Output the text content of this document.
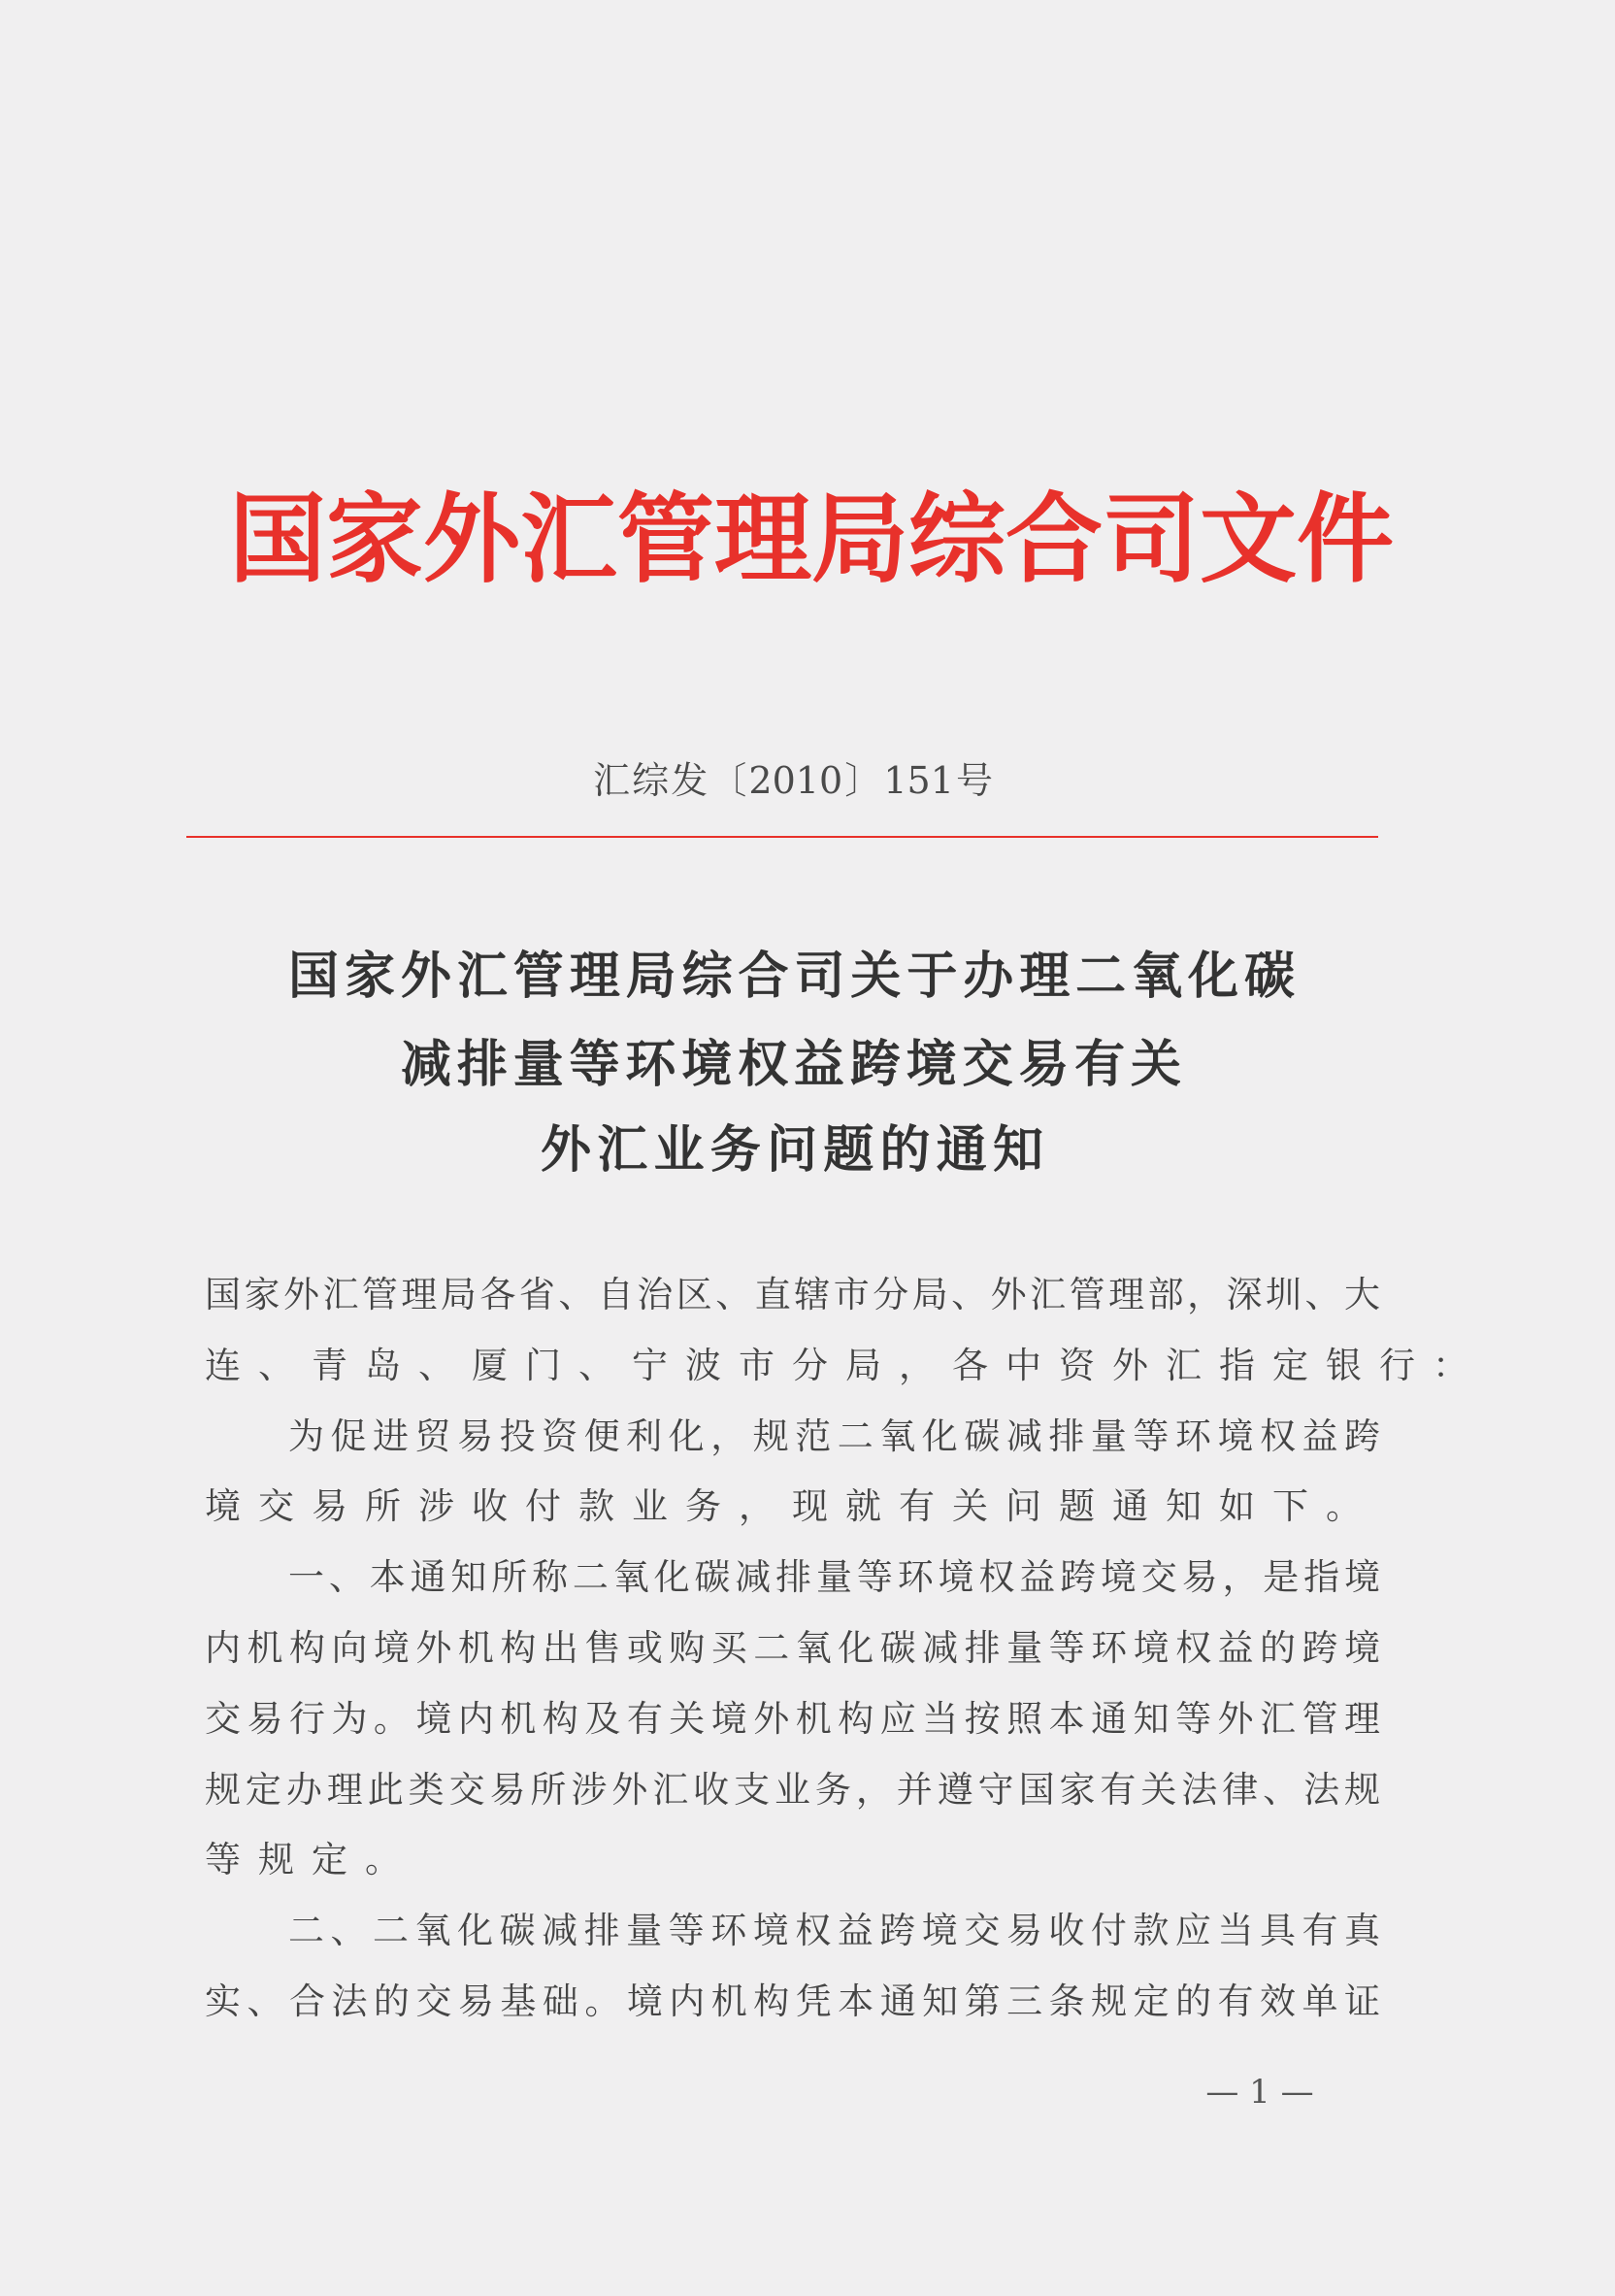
国家外汇管理局综合司文件
汇综发〔2010〕151号
国家外汇管理局综合司关于办理二氧化碳
减排量等环境权益跨境交易有关
外汇业务问题的通知
国家外汇管理局各省、自治区、直辖市分局、外汇管理部，深圳、大
连、青岛、厦门、宁波市分局，各中资外汇指定银行：
为促进贸易投资便利化，规范二氧化碳减排量等环境权益跨
境交易所涉收付款业务，现就有关问题通知如下。
一、本通知所称二氧化碳减排量等环境权益跨境交易，是指境
内机构向境外机构出售或购买二氧化碳减排量等环境权益的跨境
交易行为。境内机构及有关境外机构应当按照本通知等外汇管理
规定办理此类交易所涉外汇收支业务，并遵守国家有关法律、法规
等规定。
二、二氧化碳减排量等环境权益跨境交易收付款应当具有真
实、合法的交易基础。境内机构凭本通知第三条规定的有效单证
— 1 —
